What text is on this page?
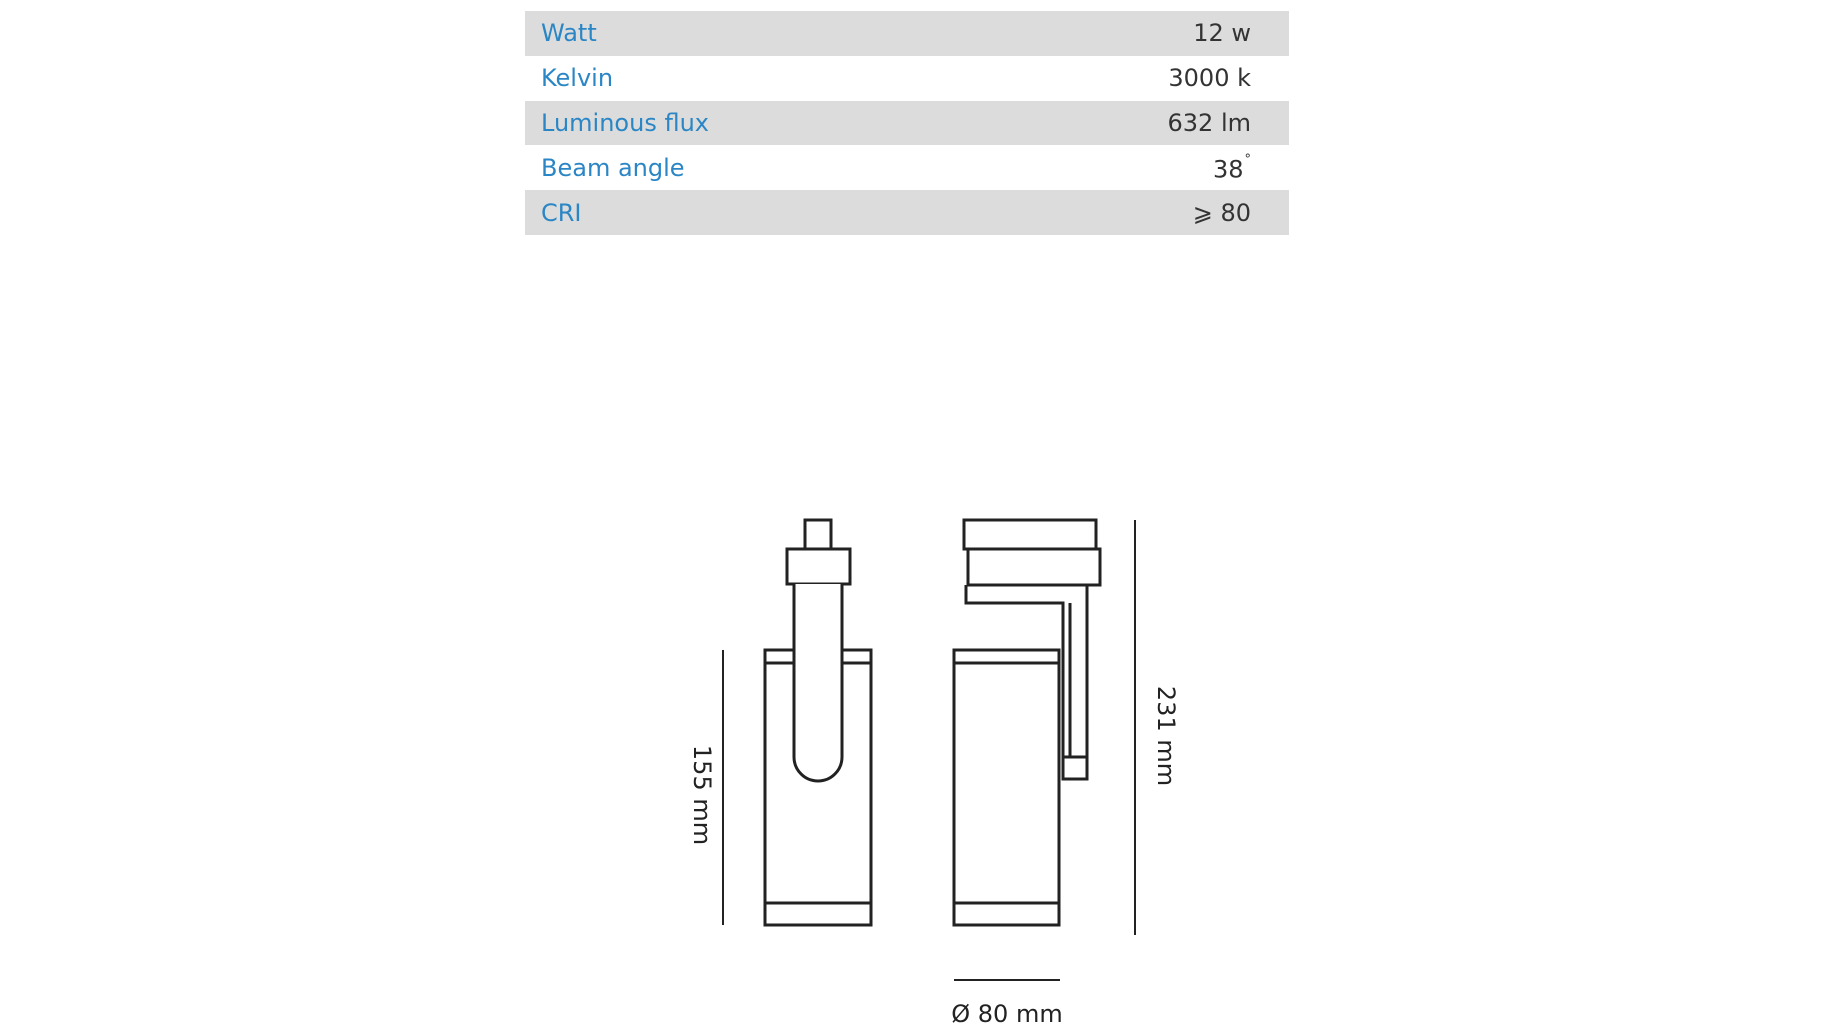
Watt	12 w
Kelvin	3000 k
Luminous flux	632 lm
Beam angle	38°
CRI	⩾ 80
155 mm
231 mm
Ø 80 mm
